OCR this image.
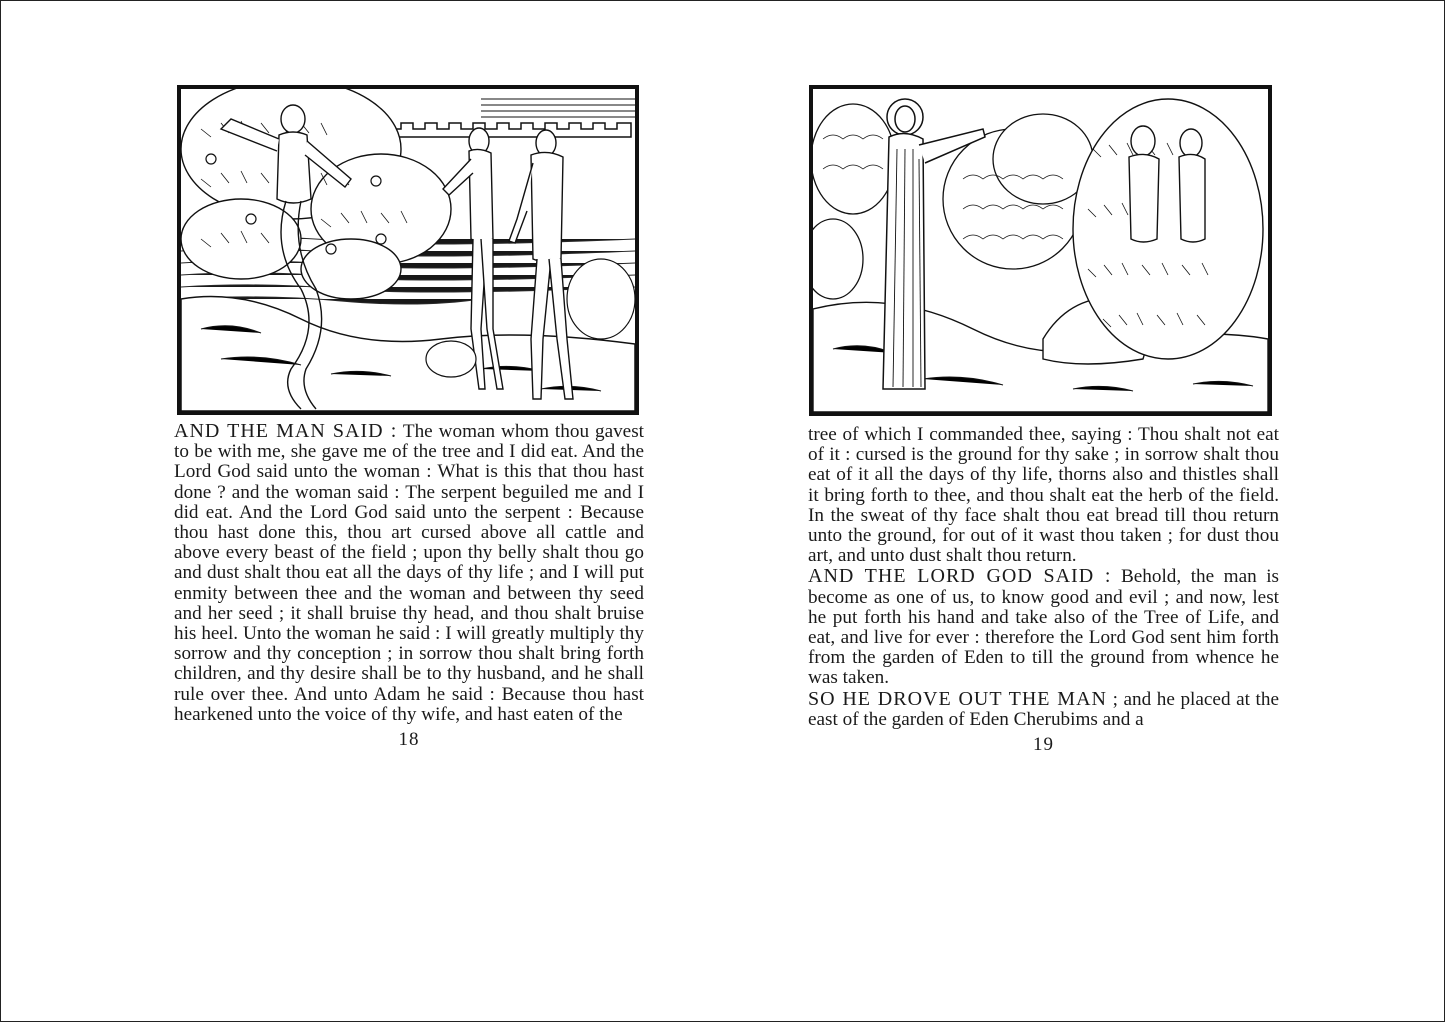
AND THE MAN SAID : The woman whom thou gavest to be with me, she gave me of the tree and I did eat. And the Lord God said unto the woman : What is this that thou hast done ? and the woman said : The serpent beguiled me and I did eat. And the Lord God said unto the serpent : Because thou hast done this, thou art cursed above all cattle and above every beast of the field ; upon thy belly shalt thou go and dust shalt thou eat all the days of thy life ; and I will put enmity between thee and the woman and between thy seed and her seed ; it shall bruise thy head, and thou shalt bruise his heel. Unto the woman he said : I will greatly multiply thy sorrow and thy conception ; in sorrow thou shalt bring forth children, and thy desire shall be to thy husband, and he shall rule over thee. And unto Adam he said : Because thou hast hearkened unto the voice of thy wife, and hast eaten of the

18

tree of which I commanded thee, saying : Thou shalt not eat of it : cursed is the ground for thy sake ; in sorrow shalt thou eat of it all the days of thy life, thorns also and thistles shall it bring forth to thee, and thou shalt eat the herb of the field. In the sweat of thy face shalt thou eat bread till thou return unto the ground, for out of it wast thou taken ; for dust thou art, and unto dust shalt thou return.

AND THE LORD GOD SAID : Behold, the man is become as one of us, to know good and evil ; and now, lest he put forth his hand and take also of the Tree of Life, and eat, and live for ever : therefore the Lord God sent him forth from the garden of Eden to till the ground from whence he was taken.

SO HE DROVE OUT THE MAN ; and he placed at the east of the garden of Eden Cherubims and a

19
